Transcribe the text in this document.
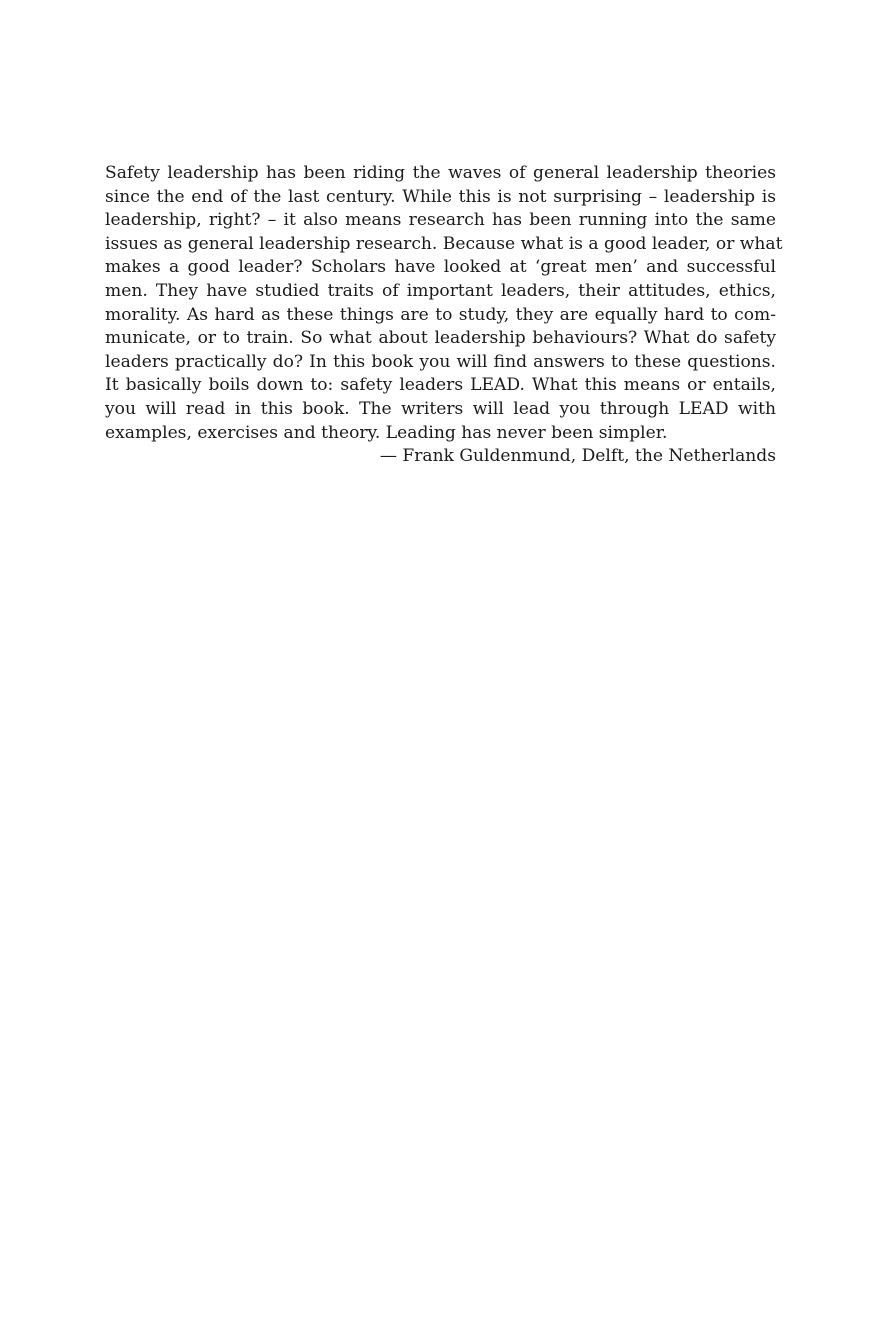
Safety leadership has been riding the waves of general leadership theories
since the end of the last century. While this is not surprising – leadership is
leadership, right? – it also means research has been running into the same
issues as general leadership research. Because what is a good leader, or what
makes a good leader? Scholars have looked at ‘great men’ and successful
men. They have studied traits of important leaders, their attitudes, ethics,
morality. As hard as these things are to study, they are equally hard to com-
municate, or to train. So what about leadership behaviours? What do safety
leaders practically do? In this book you will find answers to these questions.
It basically boils down to: safety leaders LEAD. What this means or entails,
you will read in this book. The writers will lead you through LEAD with
examples, exercises and theory. Leading has never been simpler.
— Frank Guldenmund, Delft, the Netherlands
